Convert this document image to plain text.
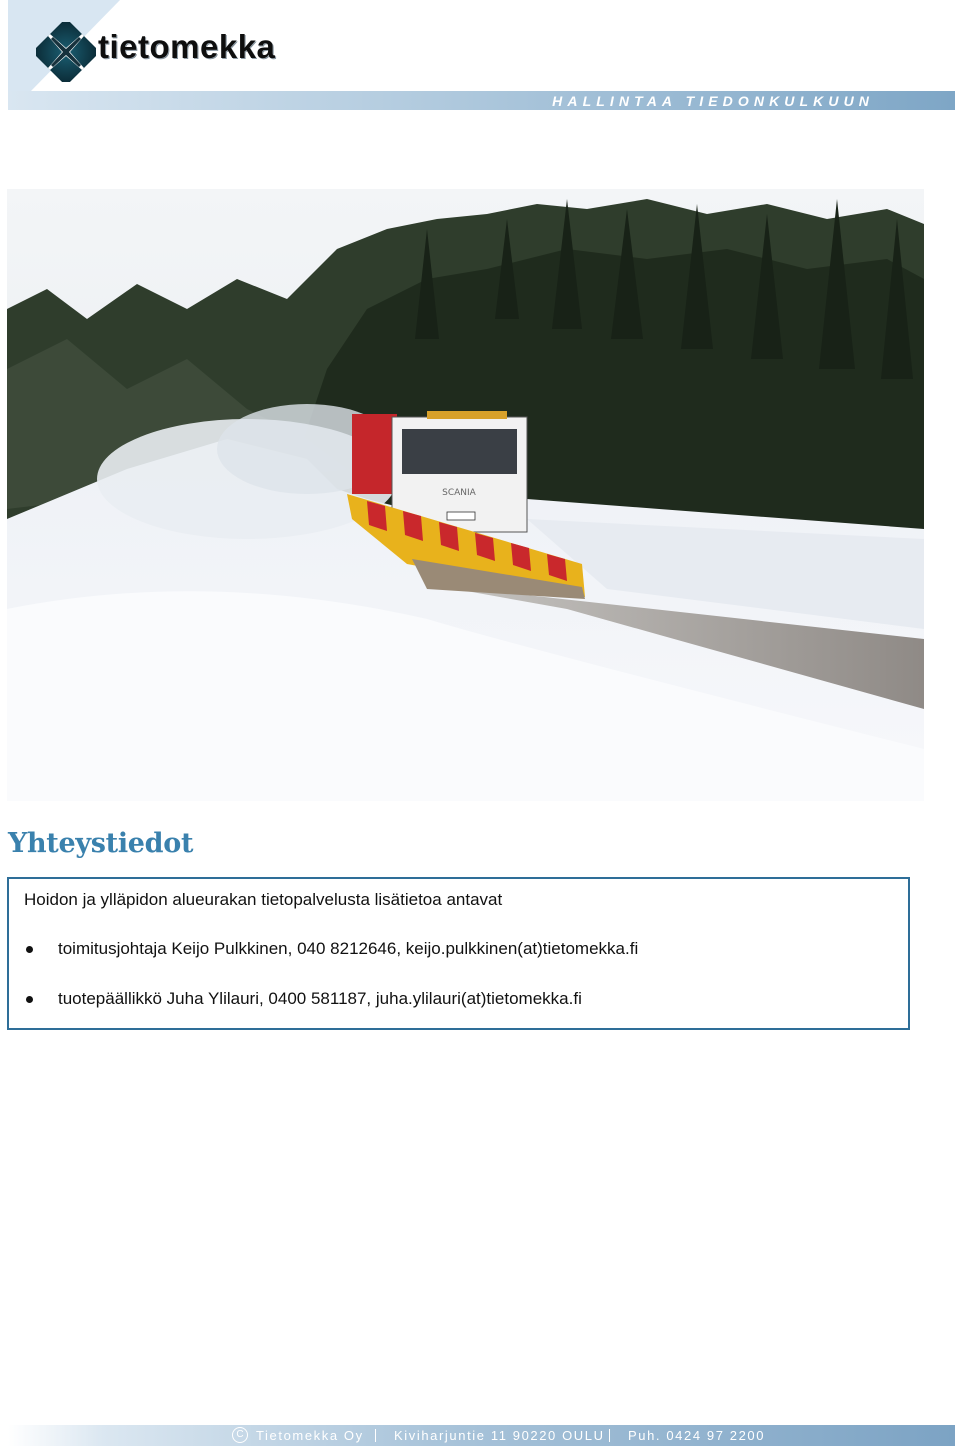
HALLINTAA TIEDONKULKUUN
tietomekka
SCANIA
Yhteystiedot
Hoidon ja ylläpidon alueurakan tietopalvelusta lisätietoa antavat
toimitusjohtaja Keijo Pulkkinen, 040 8212646, keijo.pulkkinen(at)tietomekka.fi
tuotepäällikkö Juha Ylilauri, 0400 581187, juha.ylilauri(at)tietomekka.fi
C Tietomekka Oy Kiviharjuntie 11 90220 OULU Puh. 0424 97 2200
